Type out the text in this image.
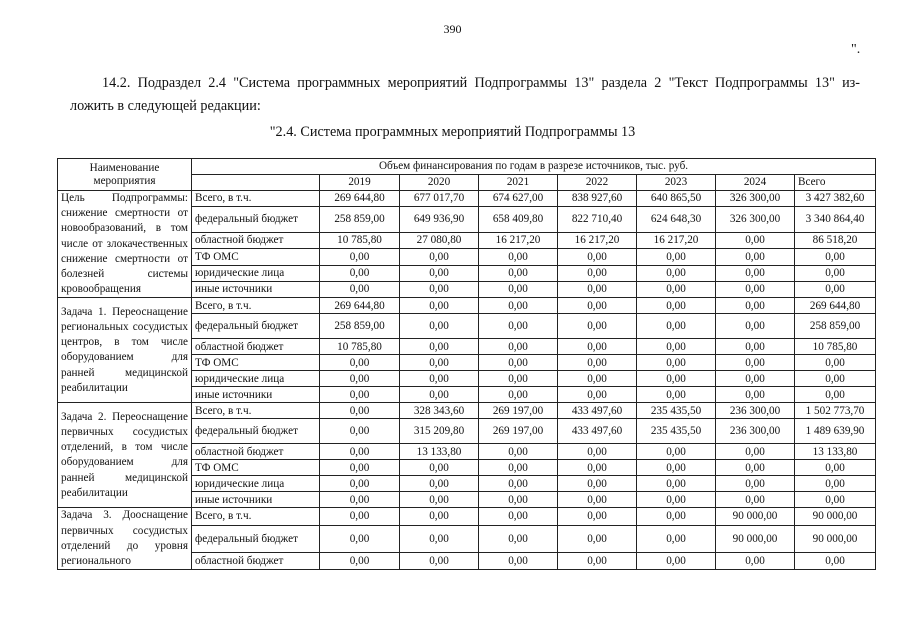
390
".
14.2. Подраздел 2.4 "Система программных мероприятий Подпрограммы 13" раздела 2 "Текст Подпрограммы 13" из-
ложить в следующей редакции:
"2.4. Система программных мероприятий Подпрограммы 13
Наименование мероприятия	Объем финансирования по годам в разрезе источников, тыс. руб.							
		2019	2020	2021	2022	2023	2024	Всего
Цель Подпрограммы: снижение смертности от новообразований, в том числе от злокачественных снижение смертности от болезней системы кровообращения	Всего, в т.ч.	269 644,80	677 017,70	674 627,00	838 927,60	640 865,50	326 300,00	3 427 382,60
	федеральный бюджет	258 859,00	649 936,90	658 409,80	822 710,40	624 648,30	326 300,00	3 340 864,40
	областной бюджет	10 785,80	27 080,80	16 217,20	16 217,20	16 217,20	0,00	86 518,20
	ТФ ОМС	0,00	0,00	0,00	0,00	0,00	0,00	0,00
	юридические лица	0,00	0,00	0,00	0,00	0,00	0,00	0,00
	иные источники	0,00	0,00	0,00	0,00	0,00	0,00	0,00
Задача 1. Переоснащение региональных сосудистых центров, в том числе оборудованием для ранней медицинской реабилитации	Всего, в т.ч.	269 644,80	0,00	0,00	0,00	0,00	0,00	269 644,80
	федеральный бюджет	258 859,00	0,00	0,00	0,00	0,00	0,00	258 859,00
	областной бюджет	10 785,80	0,00	0,00	0,00	0,00	0,00	10 785,80
	ТФ ОМС	0,00	0,00	0,00	0,00	0,00	0,00	0,00
	юридические лица	0,00	0,00	0,00	0,00	0,00	0,00	0,00
	иные источники	0,00	0,00	0,00	0,00	0,00	0,00	0,00
Задача 2. Переоснащение первичных сосудистых отделений, в том числе оборудованием для ранней медицинской реабилитации	Всего, в т.ч.	0,00	328 343,60	269 197,00	433 497,60	235 435,50	236 300,00	1 502 773,70
	федеральный бюджет	0,00	315 209,80	269 197,00	433 497,60	235 435,50	236 300,00	1 489 639,90
	областной бюджет	0,00	13 133,80	0,00	0,00	0,00	0,00	13 133,80
	ТФ ОМС	0,00	0,00	0,00	0,00	0,00	0,00	0,00
	юридические лица	0,00	0,00	0,00	0,00	0,00	0,00	0,00
	иные источники	0,00	0,00	0,00	0,00	0,00	0,00	0,00
Задача 3. Дооснащение первичных сосудистых отделений до уровня регионального	Всего, в т.ч.	0,00	0,00	0,00	0,00	0,00	90 000,00	90 000,00
	федеральный бюджет	0,00	0,00	0,00	0,00	0,00	90 000,00	90 000,00
	областной бюджет	0,00	0,00	0,00	0,00	0,00	0,00	0,00
